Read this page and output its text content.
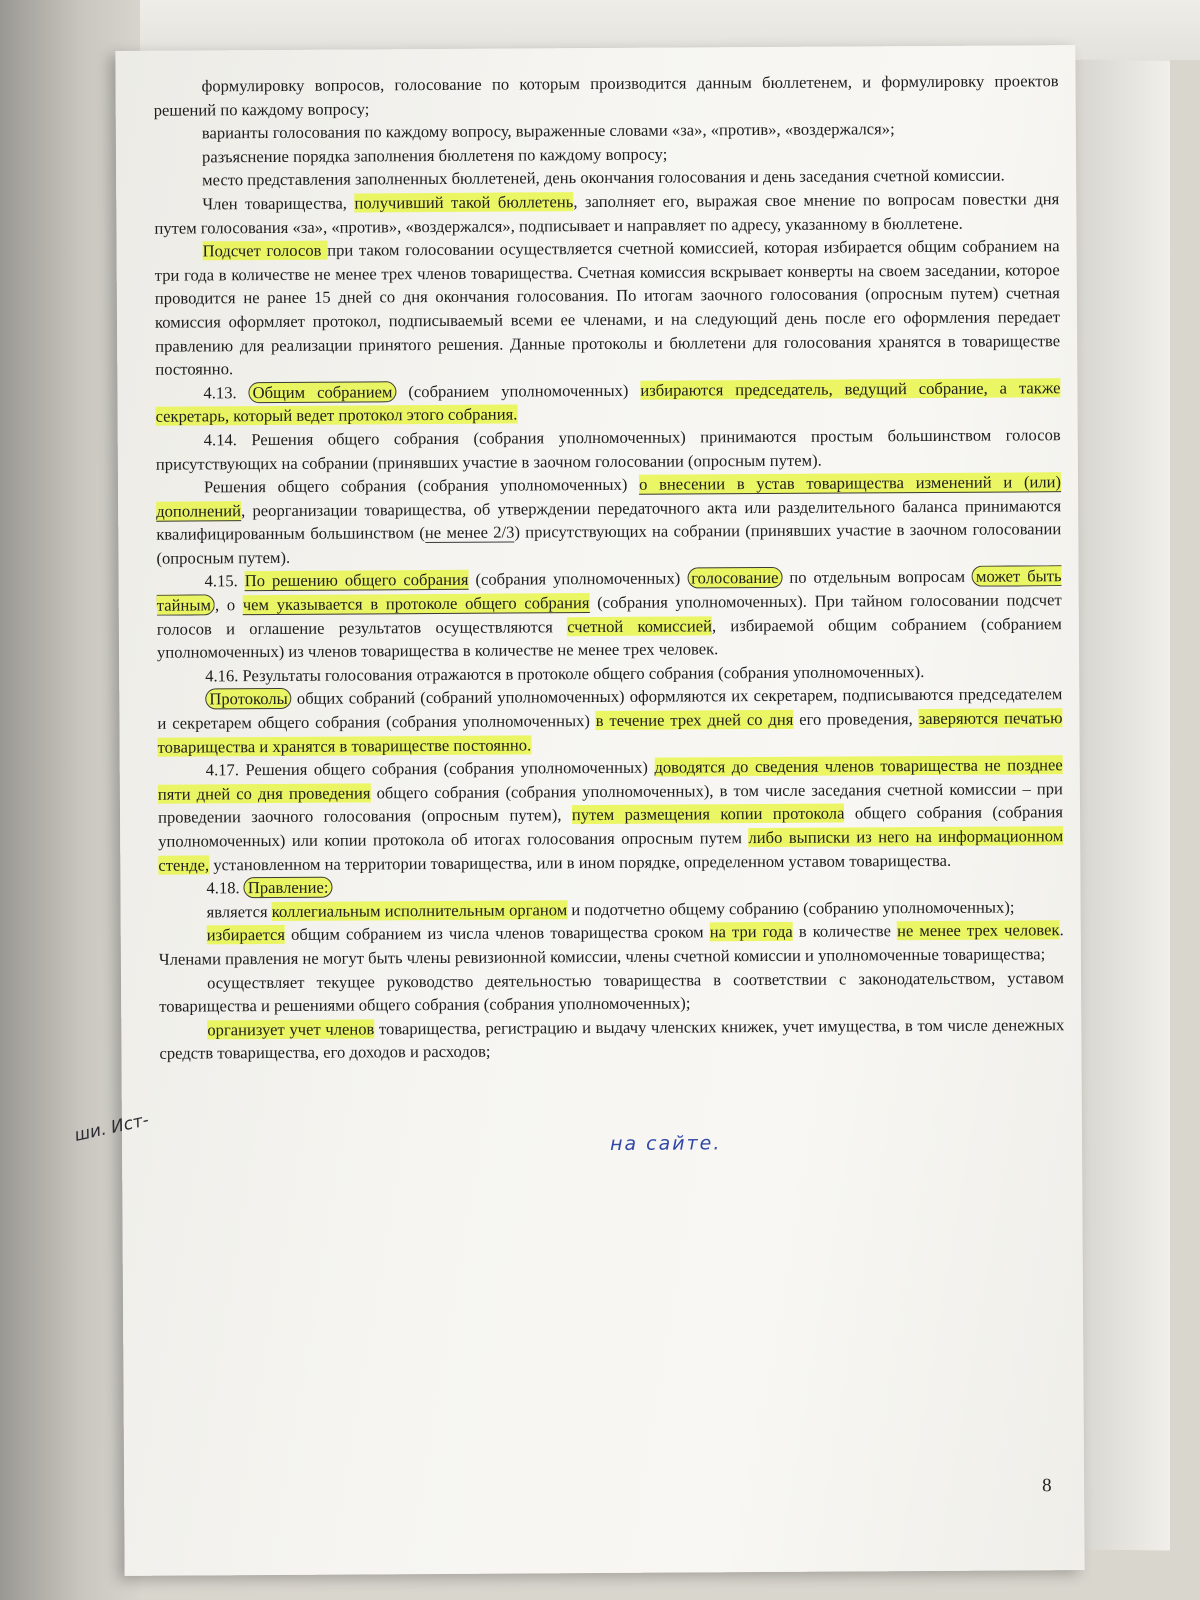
формулировку вопросов, голосование по которым производится данным бюллетенем, и формулировку проектов решений по каждому вопросу;

варианты голосования по каждому вопросу, выраженные словами «за», «против», «воздержался»;

разъяснение порядка заполнения бюллетеня по каждому вопросу;

место представления заполненных бюллетеней, день окончания голосования и день заседания счетной комиссии.

Член товарищества, получивший такой бюллетень, заполняет его, выражая свое мнение по вопросам повестки дня путем голосования «за», «против», «воздержался», подписывает и направляет по адресу, указанному в бюллетене.

Подсчет голосов при таком голосовании осуществляется счетной комиссией, которая избирается общим собранием на три года в количестве не менее трех членов товарищества. Счетная комиссия вскрывает конверты на своем заседании, которое проводится не ранее 15 дней со дня окончания голосования. По итогам заочного голосования (опросным путем) счетная комиссия оформляет протокол, подписываемый всеми ее членами, и на следующий день после его оформления передает правлению для реализации принятого решения. Данные протоколы и бюллетени для голосования хранятся в товариществе постоянно.

4.13. Общим собранием (собранием уполномоченных) избираются председатель, ведущий собрание, а также секретарь, который ведет протокол этого собрания.

4.14. Решения общего собрания (собрания уполномоченных) принимаются простым большинством голосов присутствующих на собрании (принявших участие в заочном голосовании (опросным путем).

Решения общего собрания (собрания уполномоченных) о внесении в устав товарищества изменений и (или) дополнений, реорганизации товарищества, об утверждении передаточного акта или разделительного баланса принимаются квалифицированным большинством (не менее 2/3) присутствующих на собрании (принявших участие в заочном голосовании (опросным путем).

4.15. По решению общего собрания (собрания уполномоченных) голосование по отдельным вопросам может быть тайным , о чем указывается в протоколе общего собрания (собрания уполномоченных). При тайном голосовании подсчет голосов и оглашение результатов осуществляются счетной комиссией, избираемой общим собранием (собранием уполномоченных) из членов товарищества в количестве не менее трех человек.

4.16. Результаты голосования отражаются в протоколе общего собрания (собрания уполномоченных).

Протоколы общих собраний (собраний уполномоченных) оформляются их секретарем, подписываются председателем и секретарем общего собрания (собрания уполномоченных) в течение трех дней со дня его проведения, заверяются печатью товарищества и хранятся в товариществе постоянно.

4.17. Решения общего собрания (собрания уполномоченных) доводятся до сведения членов товарищества не позднее пяти дней со дня проведения общего собрания (собрания уполномоченных), в том числе заседания счетной комиссии – при проведении заочного голосования (опросным путем), путем размещения копии протокола общего собрания (собрания уполномоченных) или копии протокола об итогах голосования опросным путем либо выписки из него на информационном стенде, установленном на территории товарищества, или в ином порядке, определенном уставом товарищества.

4.18. Правление:

является коллегиальным исполнительным органом и подотчетно общему собранию (собранию уполномоченных);

избирается общим собранием из числа членов товарищества сроком на три года в количестве не менее трех человек. Членами правления не могут быть члены ревизионной комиссии, члены счетной комиссии и уполномоченные товарищества;

осуществляет текущее руководство деятельностью товарищества в соответствии с законодательством, уставом товарищества и решениями общего собрания (собрания уполномоченных);

организует учет членов товарищества, регистрацию и выдачу членских книжек, учет имущества, в том числе денежных средств товарищества, его доходов и расходов;

на сайте.
ши. Ист-
8
